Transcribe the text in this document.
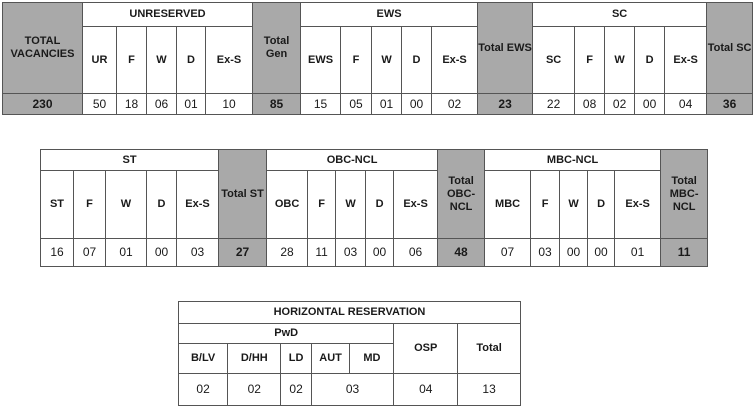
TOTAL VACANCIES	UNRESERVED					Total Gen	EWS					Total EWS	SC					Total SC
	UR	F	W	D	Ex-S		EWS	F	W	D	Ex-S		SC	F	W	D	Ex-S	
230	50	18	06	01	10	85	15	05	01	00	02	23	22	08	02	00	04	36
ST					Total ST	OBC-NCL					Total OBC-NCL	MBC-NCL					Total MBC-NCL
ST	F	W	D	Ex-S		OBC	F	W	D	Ex-S		MBC	F	W	D	Ex-S	
16	07	01	00	03	27	28	11	03	00	06	48	07	03	00	00	01	11
HORIZONTAL RESERVATION						
PwD					OSP	Total
B/LV	D/HH	LD	AUT	MD		
02	02	02	03		04	13
